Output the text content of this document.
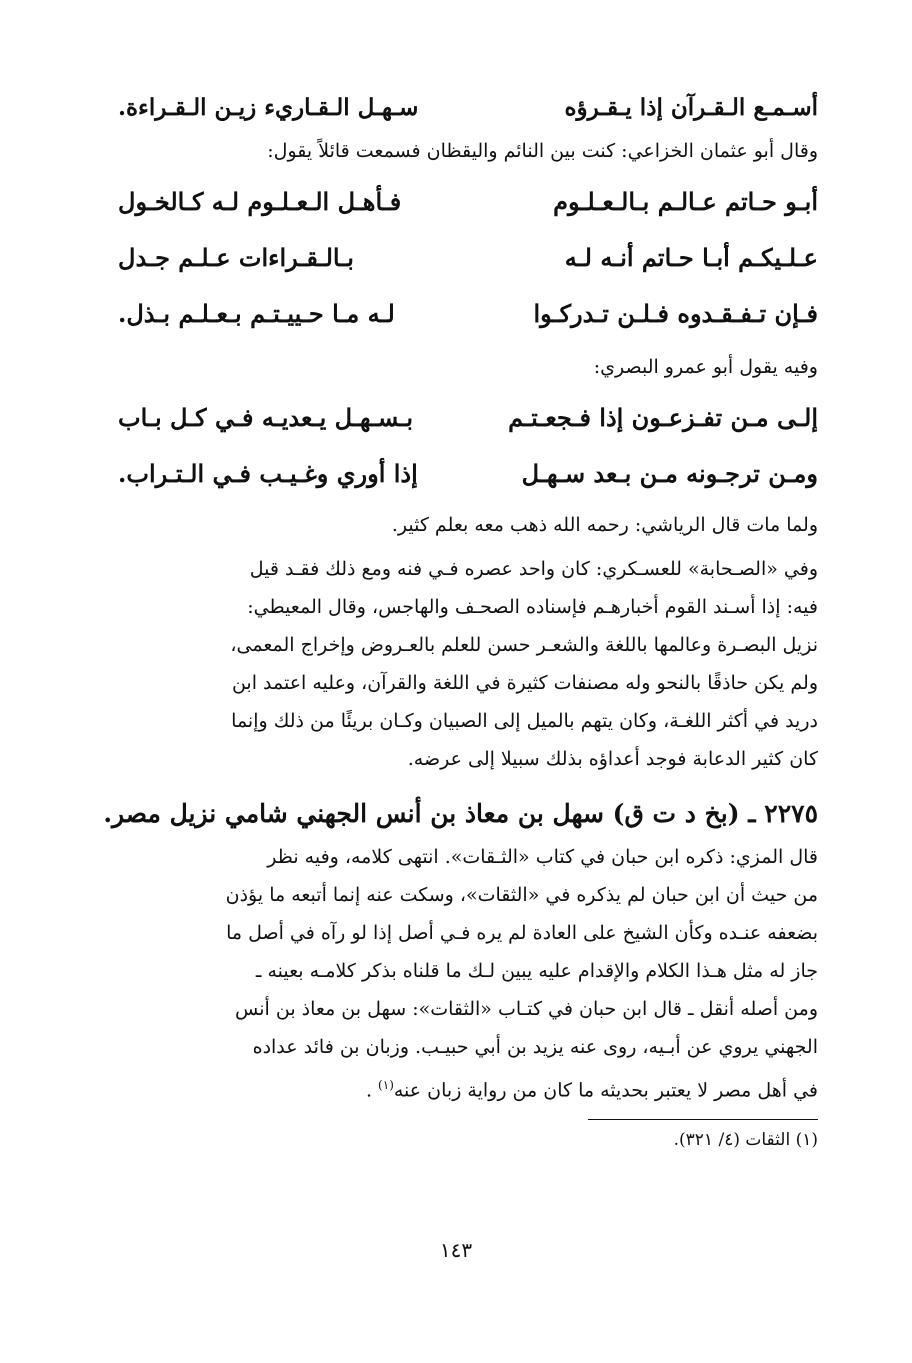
أسـمـع الـقـرآن إذا يـقـرؤه
سـهـل الـقـاريء زيـن الـقـراءة.

وقال أبو عثمان الخزاعي: كنت بين النائم واليقظان فسمعت قائلاً يقول:

أبـو حـاتم عـالـم بـالـعـلـوم
فـأهـل الـعـلـوم لـه كـالخـول
عـلـيكـم أبـا حـاتم أنـه لـه
بـالـقـراءات عـلـم جـدل
فـإن تـفـقـدوه فـلـن تـدركـوا
لـه مـا حـييـتـم بـعـلـم بـذل.

وفيه يقول أبو عمرو البصري:

إلـى مـن تفـزعـون إذا فـجعـتـم
بـسـهـل يـعديـه فـي كـل بـاب
ومـن ترجـونه مـن بـعد سـهـل
إذا أوري وغـيـب فـي الـتـراب.

ولما مات قال الرياشي: رحمه الله ذهب معه بعلم كثير.

وفي «الصـحابة» للعسـكري: كان واحد عصره فـي فنه ومع ذلك فقـد قيل
فيه: إذا أسـند القوم أخبارهـم فإسناده الصحـف والهاجس، وقال المعيطي:
نزيل البصـرة وعالمها باللغة والشعـر حسن للعلم بالعـروض وإخراج المعمى،
ولم يكن حاذقًا بالنحو وله مصنفات كثيرة في اللغة والقرآن، وعليه اعتمد ابن
دريد في أكثر اللغـة، وكان يتهم بالميل إلى الصبيان وكـان بريئًا من ذلك وإنما
كان كثير الدعابة فوجد أعداؤه بذلك سبيلا إلى عرضه.
٢٢٧٥ ـ (بخ د ت ق) سهل بن معاذ بن أنس الجهني شامي نزيل مصر.
قال المزي: ذكره ابن حبان في كتاب «الثـقات». انتهى كلامه، وفيه نظر
من حيث أن ابن حبان لم يذكره في «الثقات»، وسكت عنه إنما أتبعه ما يؤذن
بضعفه عنـده وكأن الشيخ على العادة لم يره فـي أصل إذا لو رآه في أصل ما
جاز له مثل هـذا الكلام والإقدام عليه يبين لـك ما قلناه بذكر كلامـه بعينه ـ
ومن أصله أنقل ـ قال ابن حبان في كتـاب «الثقات»: سهل بن معاذ بن أنس
الجهني يروي عن أبـيه، روى عنه يزيد بن أبي حبيـب. وزبان بن فائد عداده
في أهل مصر لا يعتبر بحديثه ما كان من رواية زبان عنه$^{(١)}$ .
(١) الثقات (٤/ ٣٢١).
١٤٣
